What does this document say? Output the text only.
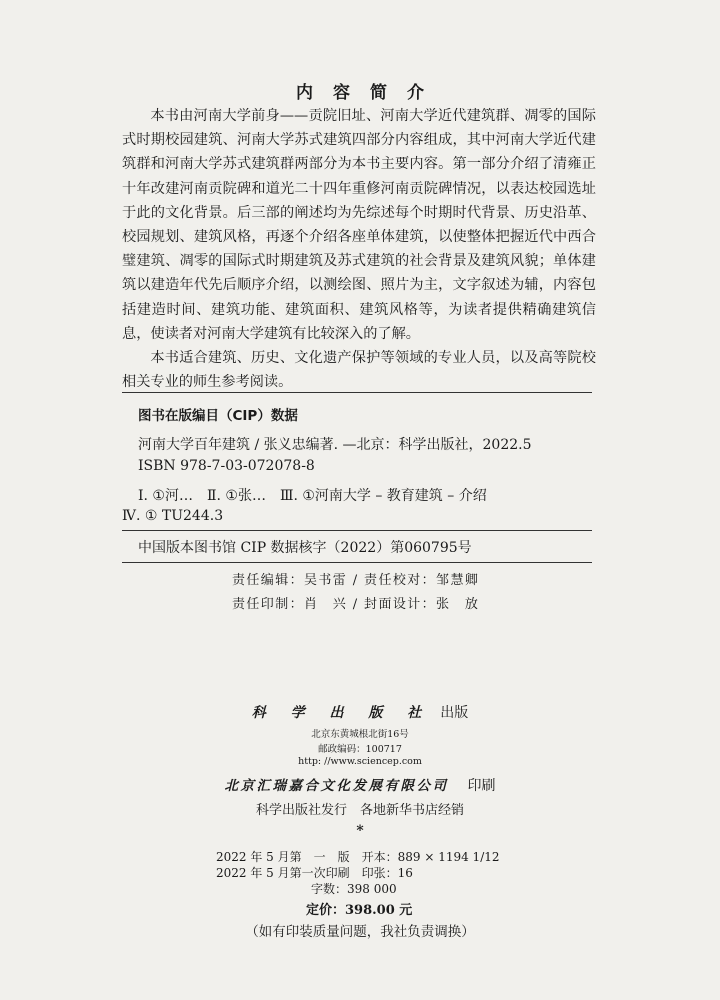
内容简介

本书由河南大学前身——贡院旧址、河南大学近代建筑群、凋零的国际式时期校园建筑、河南大学苏式建筑四部分内容组成，其中河南大学近代建筑群和河南大学苏式建筑群两部分为本书主要内容。第一部分介绍了清雍正十年改建河南贡院碑和道光二十四年重修河南贡院碑情况，以表达校园选址于此的文化背景。后三部的阐述均为先综述每个时期时代背景、历史沿革、校园规划、建筑风格，再逐个介绍各座单体建筑，以使整体把握近代中西合璧建筑、凋零的国际式时期建筑及苏式建筑的社会背景及建筑风貌；单体建筑以建造年代先后顺序介绍，以测绘图、照片为主，文字叙述为辅，内容包括建造时间、建筑功能、建筑面积、建筑风格等，为读者提供精确建筑信息，使读者对河南大学建筑有比较深入的了解。

本书适合建筑、历史、文化遗产保护等领域的专业人员，以及高等院校相关专业的师生参考阅读。

图书在版编目（CIP）数据
河南大学百年建筑 / 张义忠编著. —北京：科学出版社，2022.5
ISBN 978-7-03-072078-8
Ⅰ. ①河…　Ⅱ. ①张…　Ⅲ. ①河南大学 – 教育建筑 – 介绍
Ⅳ. ① TU244.3
中国版本图书馆 CIP 数据核字（2022）第060795号
责任编辑：吴书雷 / 责任校对：邹慧卿
责任印制：肖　兴 / 封面设计：张　放
科 学 出 版 社 出版
北京东黄城根北街16号
邮政编码：100717
http: //www.sciencep.com
北京汇瑞嘉合文化发展有限公司 印刷
科学出版社发行　各地新华书店经销
*
2022 年 5 月第　一　版　开本：889 × 1194 1/12
2022 年 5 月第一次印刷　印张：16
字数：398 000
定价：398.00 元
（如有印装质量问题，我社负责调换）
